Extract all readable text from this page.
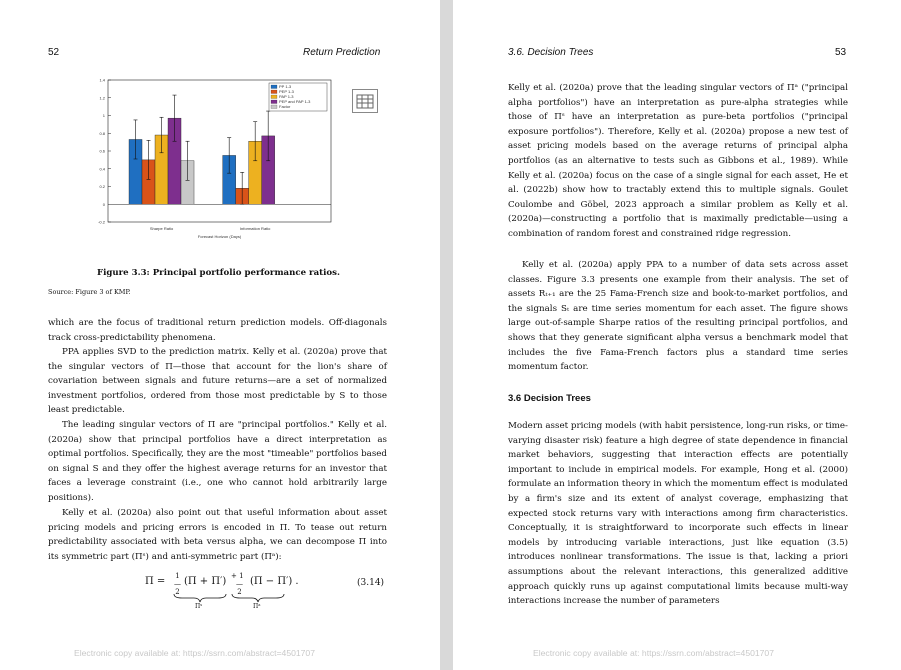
52	Return Prediction
1.4
1.2
1
0.8
0.6
0.4
0.2
0
-0.2
Sharpe Ratio	Information Ratio
Forecast Horizon (Days)
PP 1-3
PEP 1-3
PAP 1-3
PEP and PAP 1-3
Factor
Figure 3.3: Principal portfolio performance ratios.
Source: Figure 3 of KMP.

which are the focus of traditional return prediction models. Off-diagonals track cross-predictability phenomena.

PPA applies SVD to the prediction matrix. Kelly et al. (2020a) prove that the singular vectors of Π—those that account for the lion's share of covariation between signals and future returns—are a set of normalized investment portfolios, ordered from those most predictable by S to those least predictable.

The leading singular vectors of Π are "principal portfolios." Kelly et al. (2020a) show that principal portfolios have a direct interpretation as optimal portfolios. Specifically, they are the most "timeable" portfolios based on signal S and they offer the highest average returns for an investor that faces a leverage constraint (i.e., one who cannot hold arbitrarily large positions).

Kelly et al. (2020a) also point out that useful information about asset pricing models and pricing errors is encoded in Π. To tease out return predictability associated with beta versus alpha, we can decompose Π into its symmetric part (Πˢ) and anti-symmetric part (Πᵃ):

Π = 1
—
2
(Π + Π′) + 1
—
2
(Π − Π′) .
Πˢ	Πᵃ
(3.14)
Electronic copy available at: https://ssrn.com/abstract=4501707
3.6. Decision Trees	53

Kelly et al. (2020a) prove that the leading singular vectors of Πᵃ ("principal alpha portfolios") have an interpretation as pure-alpha strategies while those of Πˢ have an interpretation as pure-beta portfolios ("principal exposure portfolios"). Therefore, Kelly et al. (2020a) propose a new test of asset pricing models based on the average returns of principal alpha portfolios (as an alternative to tests such as Gibbons et al., 1989). While Kelly et al. (2020a) focus on the case of a single signal for each asset, He et al. (2022b) show how to tractably extend this to multiple signals. Goulet Coulombe and Göbel, 2023 approach a similar problem as Kelly et al. (2020a)—constructing a portfolio that is maximally predictable—using a combination of random forest and constrained ridge regression.

Kelly et al. (2020a) apply PPA to a number of data sets across asset classes. Figure 3.3 presents one example from their analysis. The set of assets Rₜ₊₁ are the 25 Fama-French size and book-to-market portfolios, and the signals Sₜ are time series momentum for each asset. The figure shows large out-of-sample Sharpe ratios of the resulting principal portfolios, and shows that they generate significant alpha versus a benchmark model that includes the five Fama-French factors plus a standard time series momentum factor.

3.6 Decision Trees

Modern asset pricing models (with habit persistence, long-run risks, or time-varying disaster risk) feature a high degree of state dependence in financial market behaviors, suggesting that interaction effects are potentially important to include in empirical models. For example, Hong et al. (2000) formulate an information theory in which the momentum effect is modulated by a firm's size and its extent of analyst coverage, emphasizing that expected stock returns vary with interactions among firm characteristics. Conceptually, it is straightforward to incorporate such effects in linear models by introducing variable interactions, just like equation (3.5) introduces nonlinear transformations. The issue is that, lacking a priori assumptions about the relevant interactions, this generalized additive approach quickly runs up against computational limits because multi-way interactions increase the number of parameters

Electronic copy available at: https://ssrn.com/abstract=4501707
